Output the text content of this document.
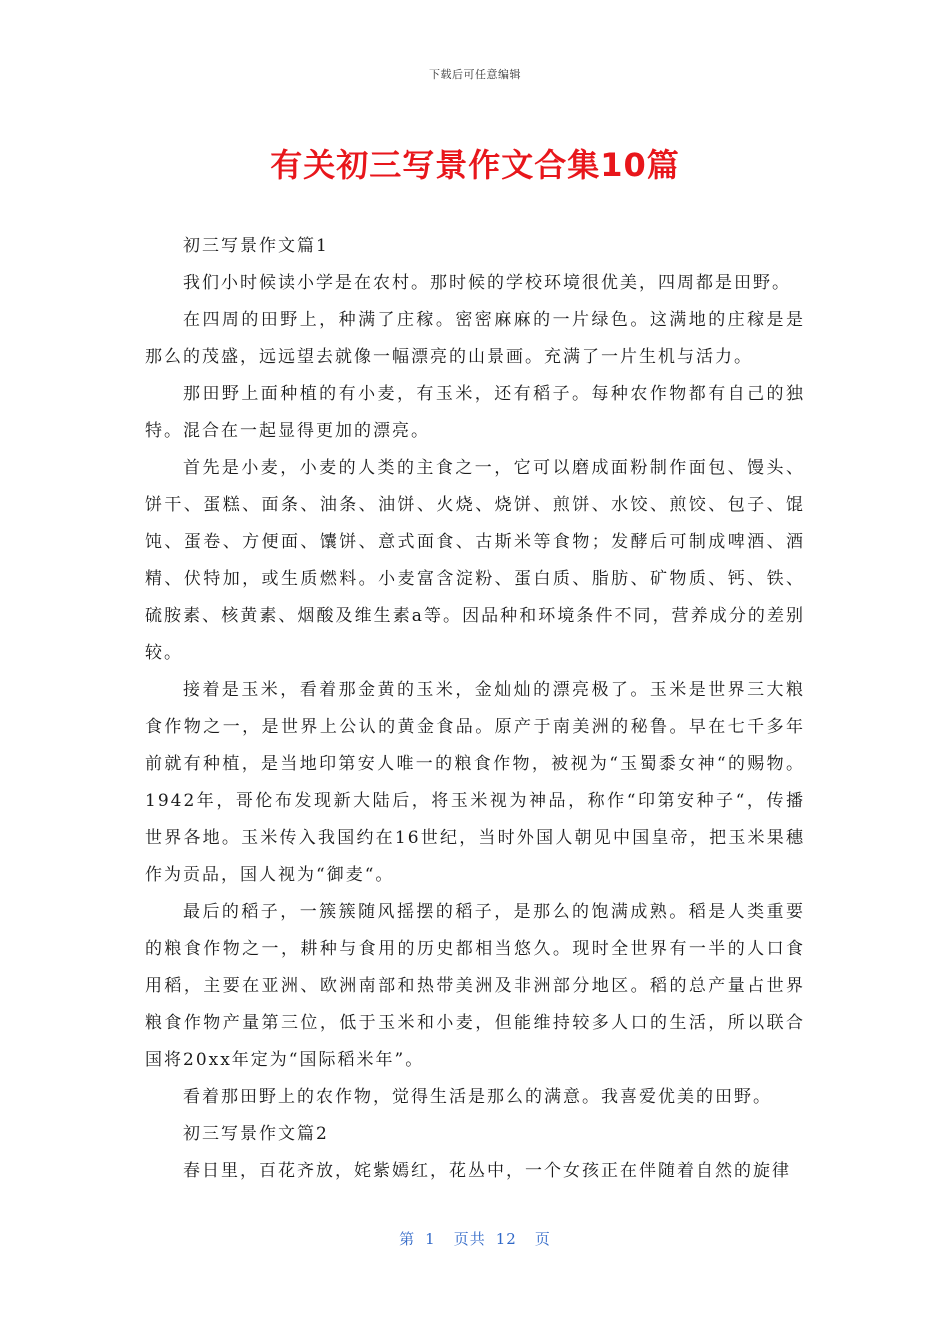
下载后可任意编辑
有关初三写景作文合集10篇

初三写景作文篇1

我们小时候读小学是在农村。那时候的学校环境很优美，四周都是田野。

在四周的田野上，种满了庄稼。密密麻麻的一片绿色。这满地的庄稼是是那么的茂盛，远远望去就像一幅漂亮的山景画。充满了一片生机与活力。

那田野上面种植的有小麦，有玉米，还有稻子。每种农作物都有自己的独特。混合在一起显得更加的漂亮。

首先是小麦，小麦的人类的主食之一，它可以磨成面粉制作面包、馒头、饼干、蛋糕、面条、油条、油饼、火烧、烧饼、煎饼、水饺、煎饺、包子、馄饨、蛋卷、方便面、馕饼、意式面食、古斯米等食物；发酵后可制成啤酒、酒精、伏特加，或生质燃料。小麦富含淀粉、蛋白质、脂肪、矿物质、钙、铁、硫胺素、核黄素、烟酸及维生素a等。因品种和环境条件不同，营养成分的差别较。

接着是玉米，看着那金黄的玉米，金灿灿的漂亮极了。玉米是世界三大粮食作物之一，是世界上公认的黄金食品。原产于南美洲的秘鲁。早在七千多年前就有种植，是当地印第安人唯一的粮食作物，被视为“玉蜀黍女神“的赐物。1942年，哥伦布发现新大陆后，将玉米视为神品，称作“印第安种子“，传播世界各地。玉米传入我国约在16世纪，当时外国人朝见中国皇帝，把玉米果穗作为贡品，国人视为“御麦“。

最后的稻子，一簇簇随风摇摆的稻子，是那么的饱满成熟。稻是人类重要的粮食作物之一，耕种与食用的历史都相当悠久。现时全世界有一半的人口食用稻，主要在亚洲、欧洲南部和热带美洲及非洲部分地区。稻的总产量占世界粮食作物产量第三位，低于玉米和小麦，但能维持较多人口的生活，所以联合国将20xx年定为“国际稻米年”。

看着那田野上的农作物，觉得生活是那么的满意。我喜爱优美的田野。

初三写景作文篇2

春日里，百花齐放，姹紫嫣红，花丛中，一个女孩正在伴随着自然的旋律

第 1 页共 12 页
